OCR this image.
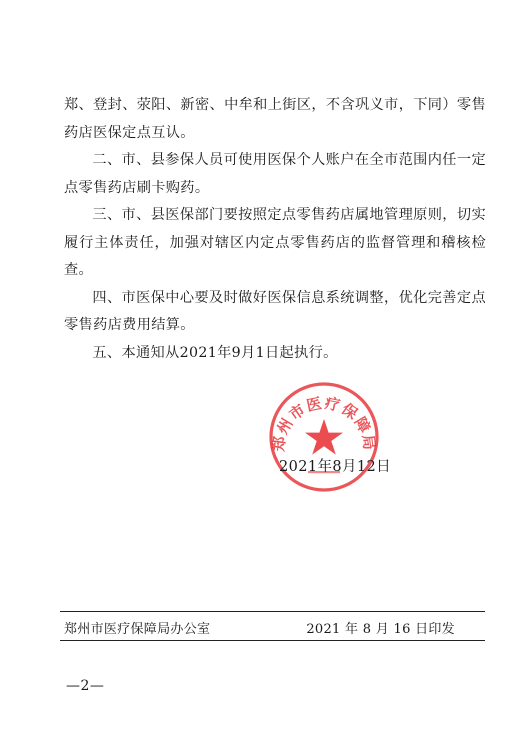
郑、登封、荥阳、新密、中牟和上街区，不含巩义市，下同）零售药店医保定点互认。

二、市、县参保人员可使用医保个人账户在全市范围内任一定点零售药店刷卡购药。

三、市、县医保部门要按照定点零售药店属地管理原则，切实履行主体责任，加强对辖区内定点零售药店的监督管理和稽核检查。

四、市医保中心要及时做好医保信息系统调整，优化完善定点零售药店费用结算。

五、本通知从2021年9月1日起执行。

郑州市医疗保障局
2021年8月12日
郑州市医疗保障局办公室	2021 年 8 月 16 日印发
—2—
